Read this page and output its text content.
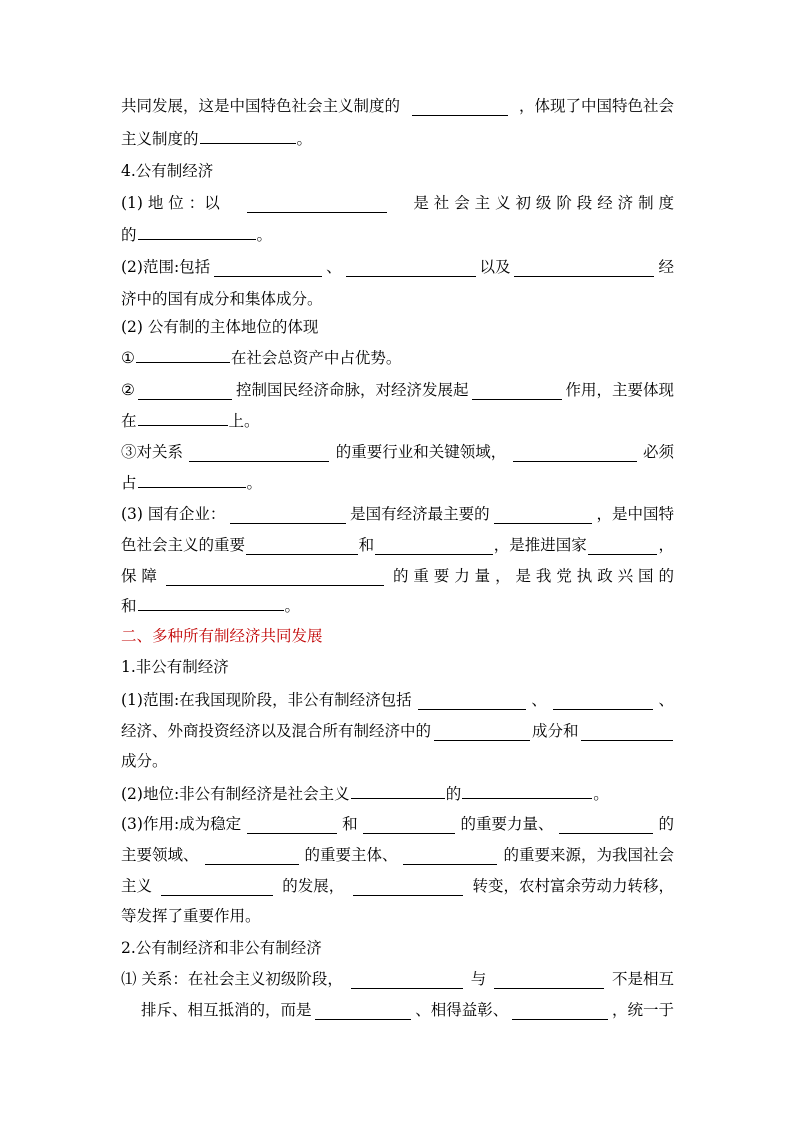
共同发展，这是中国特色社会主义制度的	，体现了中国特色社会
主义制度的	。
4.公有制经济
(1) 地 位 ：以	是 社 会 主 义 初 级 阶 段 经 济 制 度
的	。
(2)范围:包括	、	以及	经
济中的国有成分和集体成分。
(2) 公有制的主体地位的体现
①	在社会总资产中占优势。
②	控制国民经济命脉，对经济发展起	作用，主要体现
在	上。
③对关系	的重要行业和关键领域，	必须
占	。
(3) 国有企业：	是国有经济最主要的	，是中国特
色社会主义的重要	和	，是推进国家	，
保 障	的 重 要 力 量 ， 是 我 党 执 政 兴 国 的
和	。
二、多种所有制经济共同发展
1.非公有制经济
(1)范围:在我国现阶段，非公有制经济包括	、	、
经济、外商投资经济以及混合所有制经济中的	成分和
成分。
(2)地位:非公有制经济是社会主义	的	。
(3)作用:成为稳定	和	的重要力量、	的
主要领域、	的重要主体、	的重要来源，为我国社会
主义	的发展，	转变，农村富余劳动力转移，
等发挥了重要作用。
2.公有制经济和非公有制经济
⑴ 关系：在社会主义初级阶段，	与	不是相互
排斥、相互抵消的，而是	、相得益彰、	，统一于
